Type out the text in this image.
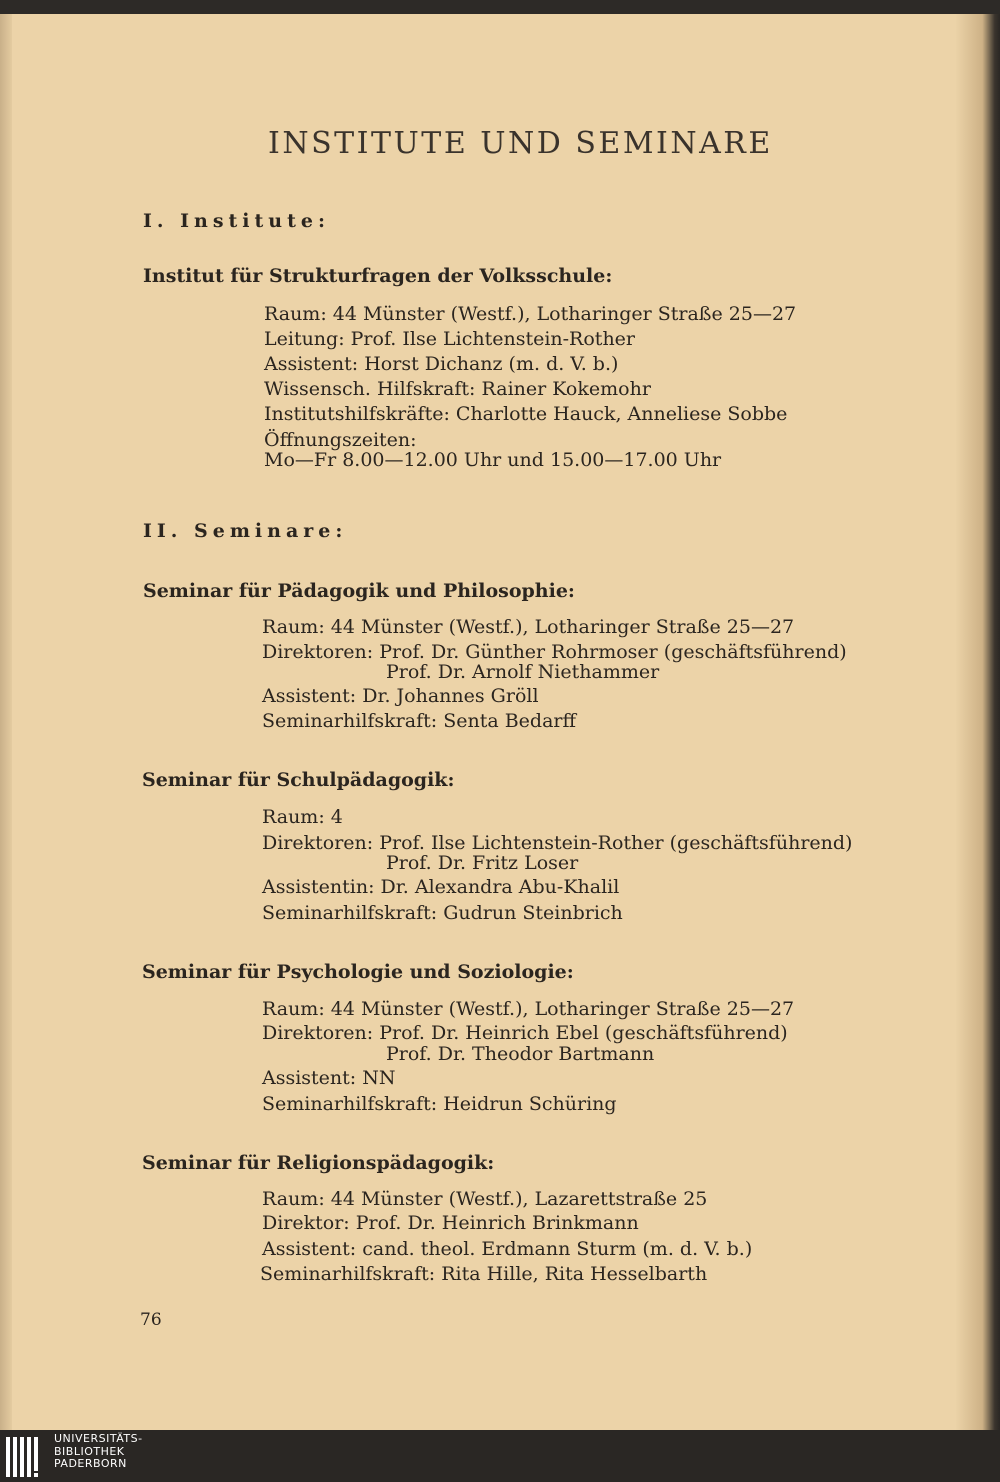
INSTITUTE UND SEMINARE
I. Institute:
Institut für Strukturfragen der Volksschule:
Raum: 44 Münster (Westf.), Lotharinger Straße 25—27
Leitung: Prof. Ilse Lichtenstein-Rother
Assistent: Horst Dichanz (m. d. V. b.)
Wissensch. Hilfskraft: Rainer Kokemohr
Institutshilfskräfte: Charlotte Hauck, Anneliese Sobbe
Öffnungszeiten:
Mo—Fr 8.00—12.00 Uhr und 15.00—17.00 Uhr
II. Seminare:
Seminar für Pädagogik und Philosophie:
Raum: 44 Münster (Westf.), Lotharinger Straße 25—27
Direktoren: Prof. Dr. Günther Rohrmoser (geschäftsführend)
Prof. Dr. Arnolf Niethammer
Assistent: Dr. Johannes Gröll
Seminarhilfskraft: Senta Bedarff
Seminar für Schulpädagogik:
Raum: 4
Direktoren: Prof. Ilse Lichtenstein-Rother (geschäftsführend)
Prof. Dr. Fritz Loser
Assistentin: Dr. Alexandra Abu-Khalil
Seminarhilfskraft: Gudrun Steinbrich
Seminar für Psychologie und Soziologie:
Raum: 44 Münster (Westf.), Lotharinger Straße 25—27
Direktoren: Prof. Dr. Heinrich Ebel (geschäftsführend)
Prof. Dr. Theodor Bartmann
Assistent: NN
Seminarhilfskraft: Heidrun Schüring
Seminar für Religionspädagogik:
Raum: 44 Münster (Westf.), Lazarettstraße 25
Direktor: Prof. Dr. Heinrich Brinkmann
Assistent: cand. theol. Erdmann Sturm (m. d. V. b.)
Seminarhilfskraft: Rita Hille, Rita Hesselbarth
76
UNIVERSITÄTS-
BIBLIOTHEK
PADERBORN
